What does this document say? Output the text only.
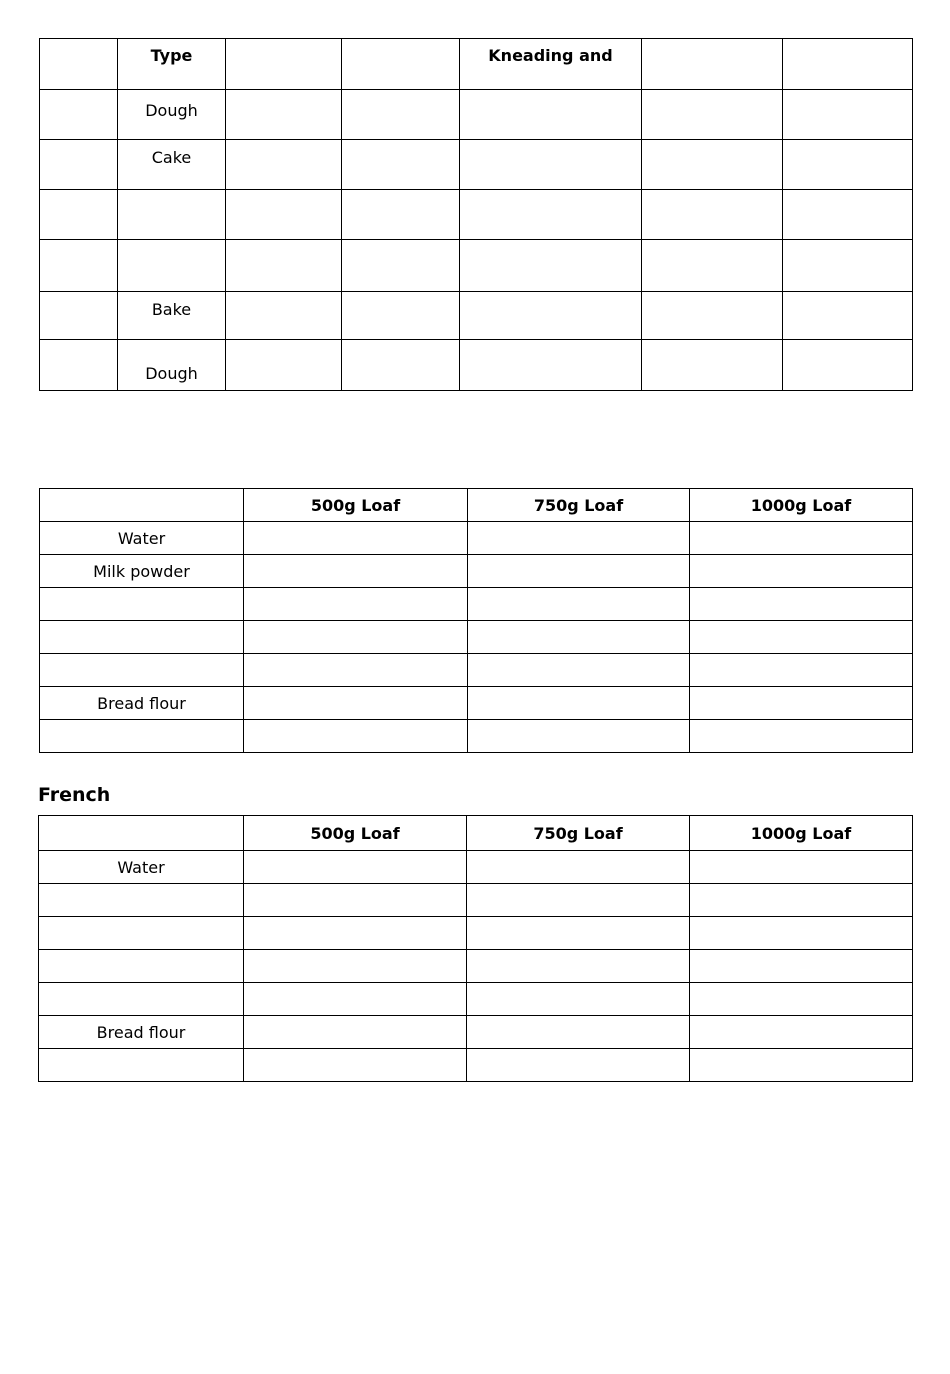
	Type			Kneading and		
	Dough					
	Cake					

	Bake					
	Dough					
	500g Loaf	750g Loaf	1000g Loaf
Water			
Milk powder			

Bread flour			

French
	500g Loaf	750g Loaf	1000g Loaf
Water			

Bread flour			
